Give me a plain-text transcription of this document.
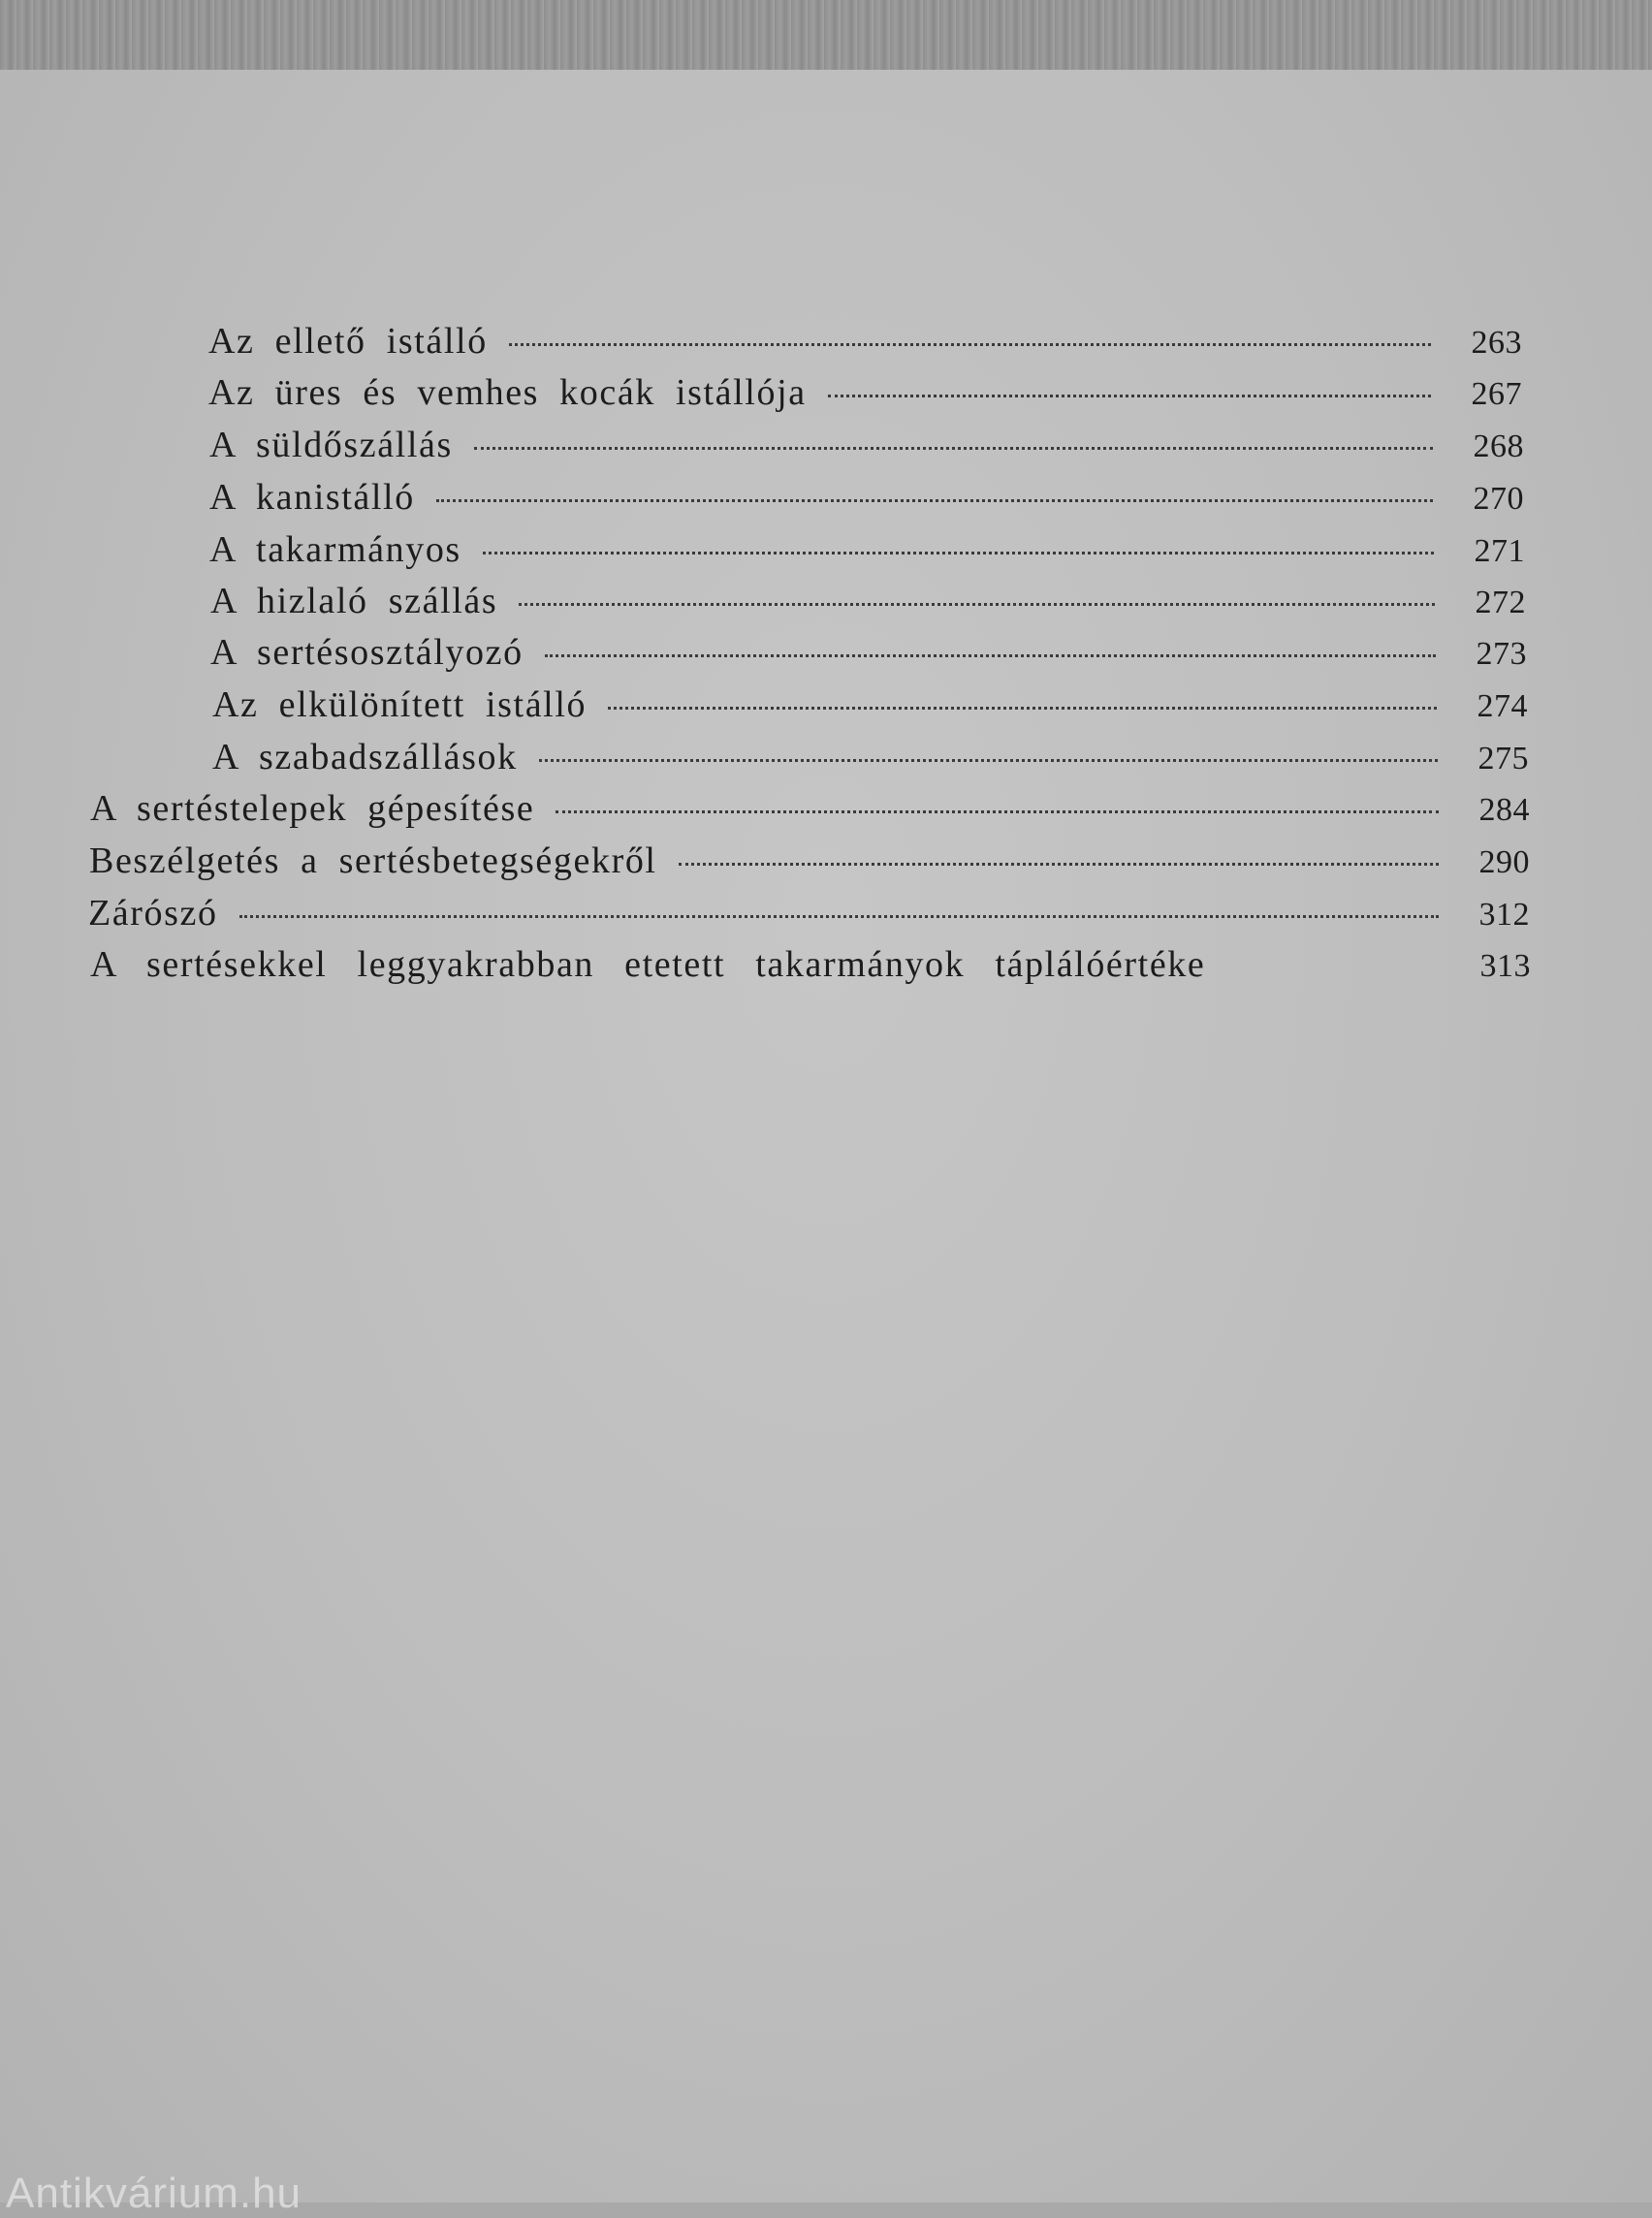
Az ellető istálló	263
Az üres és vemhes kocák istállója	267
A süldőszállás	268
A kanistálló	270
A takarmányos	271
A hizlaló szállás	272
A sertésosztályozó	273
Az elkülönített istálló	274
A szabadszállások	275
A sertéstelepek gépesítése	284
Beszélgetés a sertésbetegségekről	290
Zárószó	312
A sertésekkel leggyakrabban etetett takarmányok táplálóértéke	313
Antikvárium.hu
